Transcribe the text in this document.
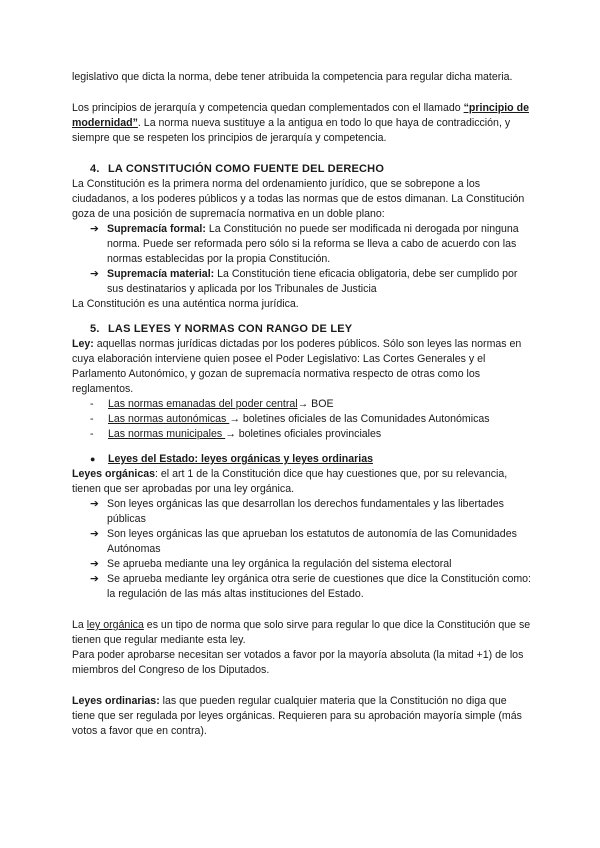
legislativo que dicta la norma, debe tener atribuida la competencia para regular dicha materia.

Los principios de jerarquía y competencia quedan complementados con el llamado “principio de modernidad”. La norma nueva sustituye a la antigua en todo lo que haya de contradicción, y siempre que se respeten los principios de jerarquía y competencia.

4. LA CONSTITUCIÓN COMO FUENTE DEL DERECHO

La Constitución es la primera norma del ordenamiento jurídico, que se sobrepone a los ciudadanos, a los poderes públicos y a todas las normas que de estos dimanan. La Constitución goza de una posición de supremacía normativa en un doble plano:

➔ Supremacía formal: La Constitución no puede ser modificada ni derogada por ninguna norma. Puede ser reformada pero sólo si la reforma se lleva a cabo de acuerdo con las normas establecidas por la propia Constitución.
➔ Supremacía material: La Constitución tiene eficacia obligatoria, debe ser cumplido por sus destinatarios y aplicada por los Tribunales de Justicia

La Constitución es una auténtica norma jurídica.

5. LAS LEYES Y NORMAS CON RANGO DE LEY

Ley: aquellas normas jurídicas dictadas por los poderes públicos. Sólo son leyes las normas en cuya elaboración interviene quien posee el Poder Legislativo: Las Cortes Generales y el Parlamento Autonómico, y gozan de supremacía normativa respecto de otras como los reglamentos.

- Las normas emanadas del poder central→ BOE
- Las normas autonómicas → boletines oficiales de las Comunidades Autonómicas
- Las normas municipales → boletines oficiales provinciales

● Leyes del Estado: leyes orgánicas y leyes ordinarias

Leyes orgánicas: el art 1 de la Constitución dice que hay cuestiones que, por su relevancia, tienen que ser aprobadas por una ley orgánica.

➔ Son leyes orgánicas las que desarrollan los derechos fundamentales y las libertades públicas
➔ Son leyes orgánicas las que aprueban los estatutos de autonomía de las Comunidades Autónomas
➔ Se aprueba mediante una ley orgánica la regulación del sistema electoral
➔ Se aprueba mediante ley orgánica otra serie de cuestiones que dice la Constitución como: la regulación de las más altas instituciones del Estado.

La ley orgánica es un tipo de norma que solo sirve para regular lo que dice la Constitución que se tienen que regular mediante esta ley.

Para poder aprobarse necesitan ser votados a favor por la mayoría absoluta (la mitad +1) de los miembros del Congreso de los Diputados.

Leyes ordinarias: las que pueden regular cualquier materia que la Constitución no diga que tiene que ser regulada por leyes orgánicas. Requieren para su aprobación mayoría simple (más votos a favor que en contra).
